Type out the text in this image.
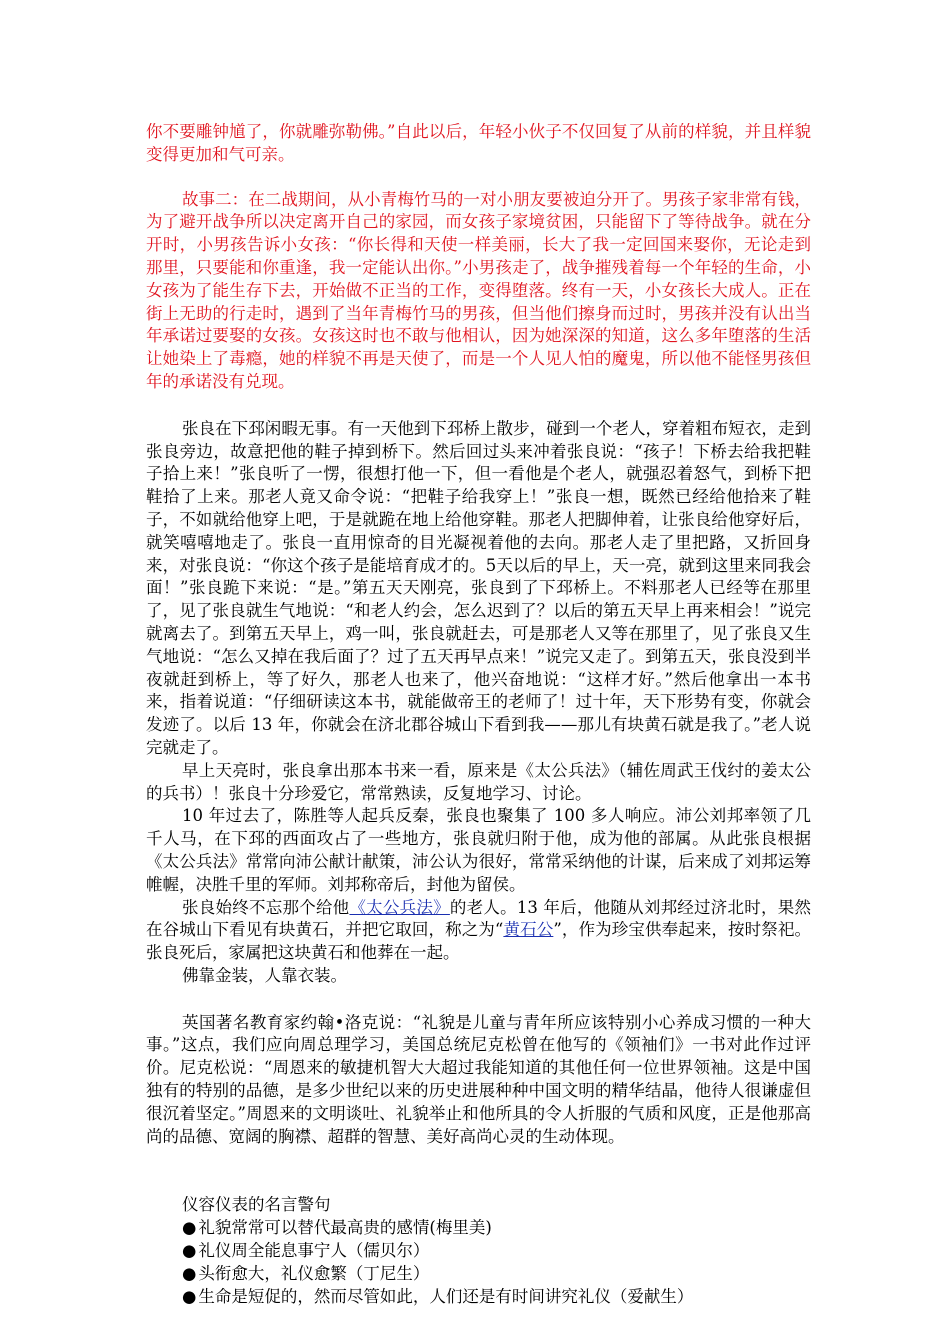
你不要雕钟馗了，你就雕弥勒佛。”自此以后，年轻小伙子不仅回复了从前的样貌，并且样貌变得更加和气可亲。

故事二：在二战期间，从小青梅竹马的一对小朋友要被迫分开了。男孩子家非常有钱，为了避开战争所以决定离开自己的家园，而女孩子家境贫困，只能留下了等待战争。就在分开时，小男孩告诉小女孩：“你长得和天使一样美丽，长大了我一定回国来娶你，无论走到那里，只要能和你重逢，我一定能认出你。”小男孩走了，战争摧残着每一个年轻的生命，小女孩为了能生存下去，开始做不正当的工作，变得堕落。终有一天，小女孩长大成人。正在街上无助的行走时，遇到了当年青梅竹马的男孩，但当他们擦身而过时，男孩并没有认出当年承诺过要娶的女孩。女孩这时也不敢与他相认，因为她深深的知道，这么多年堕落的生活让她染上了毒瘾，她的样貌不再是天使了，而是一个人见人怕的魔鬼，所以他不能怪男孩但年的承诺没有兑现。

张良在下邳闲暇无事。有一天他到下邳桥上散步，碰到一个老人，穿着粗布短衣，走到张良旁边，故意把他的鞋子掉到桥下。然后回过头来冲着张良说：“孩子！下桥去给我把鞋子拾上来！”张良听了一愣，很想打他一下，但一看他是个老人，就强忍着怒气，到桥下把鞋拾了上来。那老人竟又命令说：“把鞋子给我穿上！”张良一想，既然已经给他拾来了鞋子，不如就给他穿上吧，于是就跪在地上给他穿鞋。那老人把脚伸着，让张良给他穿好后，就笑嘻嘻地走了。张良一直用惊奇的目光凝视着他的去向。那老人走了里把路，又折回身来，对张良说：“你这个孩子是能培育成才的。5天以后的早上，天一亮，就到这里来同我会面！”张良跪下来说：“是。”第五天天刚亮，张良到了下邳桥上。不料那老人已经等在那里了，见了张良就生气地说：“和老人约会，怎么迟到了？以后的第五天早上再来相会！”说完就离去了。到第五天早上，鸡一叫，张良就赶去，可是那老人又等在那里了，见了张良又生气地说：“怎么又掉在我后面了？过了五天再早点来！”说完又走了。到第五天，张良没到半夜就赶到桥上，等了好久，那老人也来了，他兴奋地说：“这样才好。”然后他拿出一本书来，指着说道：“仔细研读这本书，就能做帝王的老师了！过十年，天下形势有变，你就会发迹了。以后 13 年，你就会在济北郡谷城山下看到我——那儿有块黄石就是我了。”老人说完就走了。

早上天亮时，张良拿出那本书来一看，原来是《太公兵法》（辅佐周武王伐纣的姜太公的兵书）！张良十分珍爱它，常常熟读，反复地学习、讨论。

10 年过去了，陈胜等人起兵反秦，张良也聚集了 100 多人响应。沛公刘邦率领了几千人马，在下邳的西面攻占了一些地方，张良就归附于他，成为他的部属。从此张良根据《太公兵法》常常向沛公献计献策，沛公认为很好，常常采纳他的计谋，后来成了刘邦运筹帷幄，决胜千里的军师。刘邦称帝后，封他为留侯。

张良始终不忘那个给他《太公兵法》的老人。13 年后，他随从刘邦经过济北时，果然在谷城山下看见有块黄石，并把它取回，称之为“黄石公”，作为珍宝供奉起来，按时祭祀。张良死后，家属把这块黄石和他葬在一起。

佛靠金装，人靠衣装。

英国著名教育家约翰•洛克说：“礼貌是儿童与青年所应该特别小心养成习惯的一种大事。”这点，我们应向周总理学习，美国总统尼克松曾在他写的《领袖们》一书对此作过评价。尼克松说：“周恩来的敏捷机智大大超过我能知道的其他任何一位世界领袖。这是中国独有的特别的品德，是多少世纪以来的历史进展种种中国文明的精华结晶，他待人很谦虚但很沉着坚定。”周恩来的文明谈吐、礼貌举止和他所具的令人折服的气质和风度，正是他那高尚的品德、宽阔的胸襟、超群的智慧、美好高尚心灵的生动体现。

仪容仪表的名言警句

● 礼貌常常可以替代最高贵的感情(梅里美)

● 礼仪周全能息事宁人（儒贝尔）

● 头衔愈大，礼仪愈繁（丁尼生）

● 生命是短促的，然而尽管如此，人们还是有时间讲究礼仪（爱献生）
